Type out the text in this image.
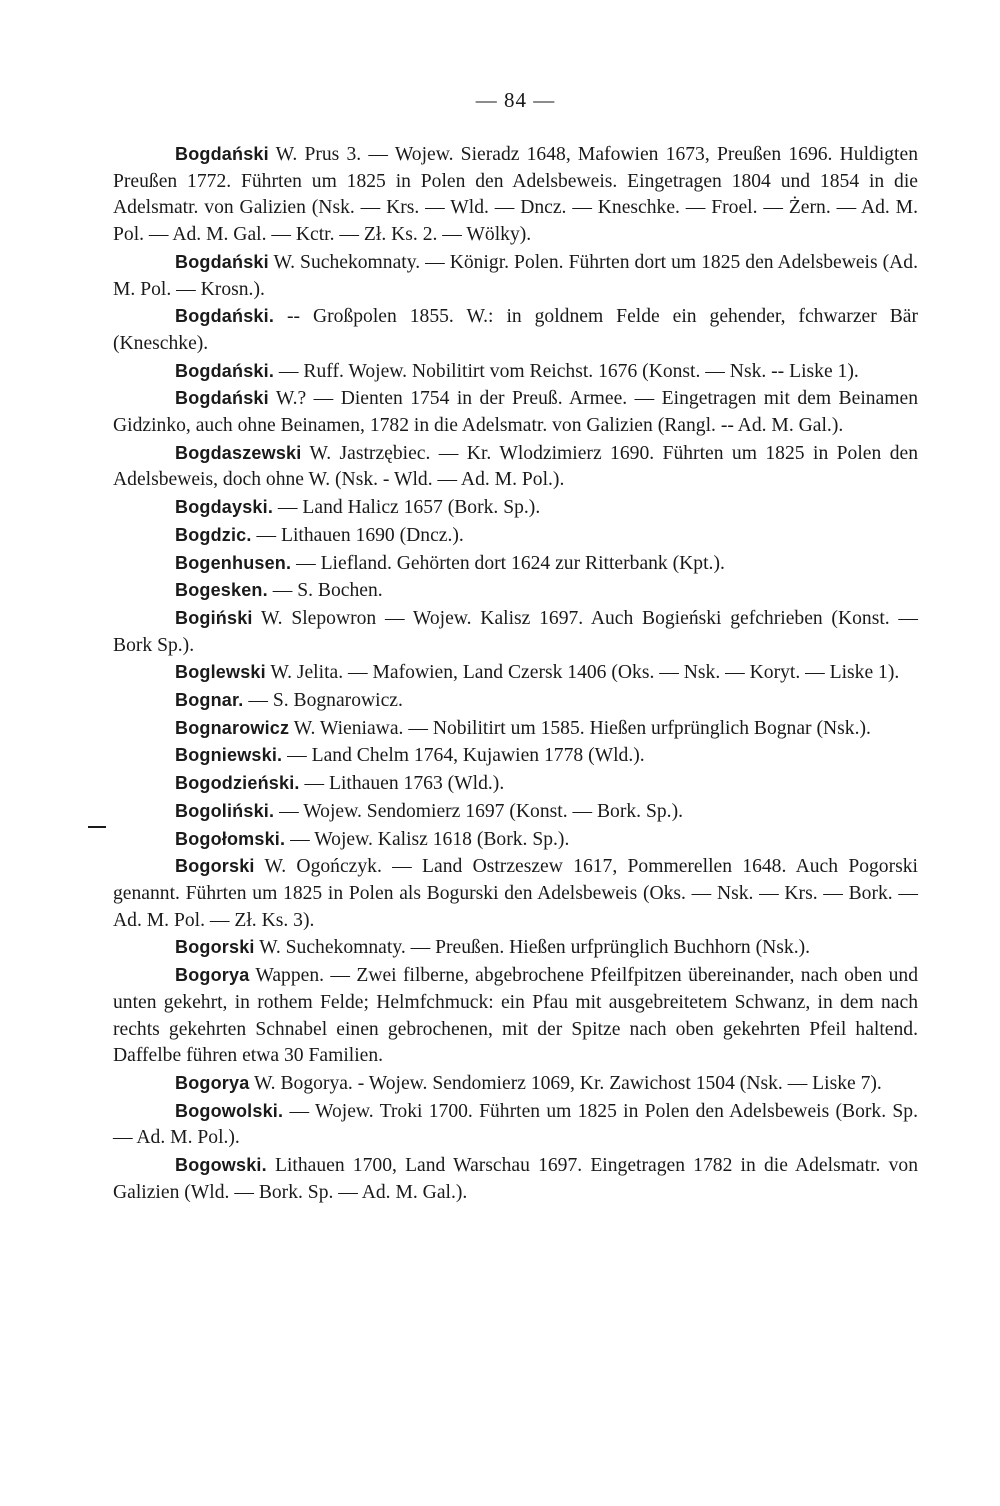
— 84 —

Bogdański W. Prus 3. — Wojew. Sieradz 1648, Mafowien 1673, Preußen 1696. Huldigten Preußen 1772. Führten um 1825 in Polen den Adelsbeweis. Eingetragen 1804 und 1854 in die Adelsmatr. von Galizien (Nsk. — Krs. — Wld. — Dncz. — Kneschke. — Froel. — Żern. — Ad. M. Pol. — Ad. M. Gal. — Kctr. — Zł. Ks. 2. — Wölky).

Bogdański W. Suchekomnaty. — Königr. Polen. Führten dort um 1825 den Adelsbeweis (Ad. M. Pol. — Krosn.).

Bogdański. -- Großpolen 1855. W.: in goldnem Felde ein gehender, fchwarzer Bär (Kneschke).

Bogdański. — Ruff. Wojew. Nobilitirt vom Reichst. 1676 (Konst. — Nsk. -- Liske 1).

Bogdański W.? — Dienten 1754 in der Preuß. Armee. — Eingetragen mit dem Beinamen Gidzinko, auch ohne Beinamen, 1782 in die Adelsmatr. von Galizien (Rangl. -- Ad. M. Gal.).

Bogdaszewski W. Jastrzębiec. — Kr. Wlodzimierz 1690. Führten um 1825 in Polen den Adelsbeweis, doch ohne W. (Nsk. - Wld. — Ad. M. Pol.).

Bogdayski. — Land Halicz 1657 (Bork. Sp.).

Bogdzic. — Lithauen 1690 (Dncz.).

Bogenhusen. — Liefland. Gehörten dort 1624 zur Ritterbank (Kpt.).

Bogesken. — S. Bochen.

Bogiński W. Slepowron — Wojew. Kalisz 1697. Auch Bogieński gefchrieben (Konst. — Bork Sp.).

Boglewski W. Jelita. — Mafowien, Land Czersk 1406 (Oks. — Nsk. — Koryt. — Liske 1).

Bognar. — S. Bognarowicz.

Bognarowicz W. Wieniawa. — Nobilitirt um 1585. Hießen urfprünglich Bognar (Nsk.).

Bogniewski. — Land Chelm 1764, Kujawien 1778 (Wld.).

Bogodzieński. — Lithauen 1763 (Wld.).

Bogoliński. — Wojew. Sendomierz 1697 (Konst. — Bork. Sp.).

Bogołomski. — Wojew. Kalisz 1618 (Bork. Sp.).

Bogorski W. Ogończyk. — Land Ostrzeszew 1617, Pommerellen 1648. Auch Pogorski genannt. Führten um 1825 in Polen als Bogurski den Adelsbeweis (Oks. — Nsk. — Krs. — Bork. — Ad. M. Pol. — Zł. Ks. 3).

Bogorski W. Suchekomnaty. — Preußen. Hießen urfprünglich Buchhorn (Nsk.).

Bogorya Wappen. — Zwei filberne, abgebrochene Pfeilfpitzen übereinander, nach oben und unten gekehrt, in rothem Felde; Helmfchmuck: ein Pfau mit ausgebreitetem Schwanz, in dem nach rechts gekehrten Schnabel einen gebrochenen, mit der Spitze nach oben gekehrten Pfeil haltend. Daffelbe führen etwa 30 Familien.

Bogorya W. Bogorya. - Wojew. Sendomierz 1069, Kr. Zawichost 1504 (Nsk. — Liske 7).

Bogowolski. — Wojew. Troki 1700. Führten um 1825 in Polen den Adelsbeweis (Bork. Sp. — Ad. M. Pol.).

Bogowski. Lithauen 1700, Land Warschau 1697. Eingetragen 1782 in die Adelsmatr. von Galizien (Wld. — Bork. Sp. — Ad. M. Gal.).
